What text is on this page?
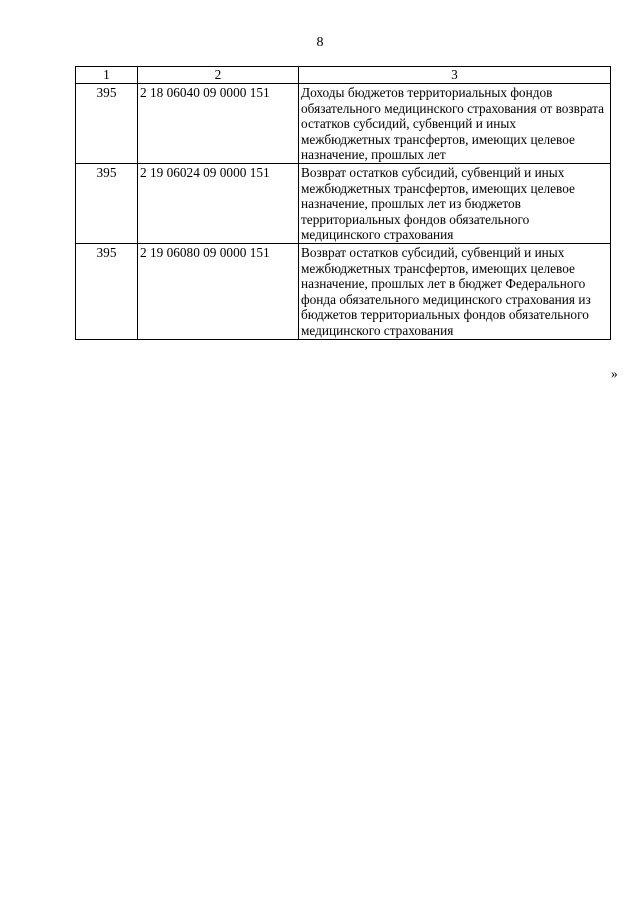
8
1	2	3
395	2 18 06040 09 0000 151	Доходы бюджетов территориальных фондов обязательного медицинского страхования от возврата остатков субсидий, субвенций и иных межбюджетных трансфертов, имеющих целевое назначение, прошлых лет
395	2 19 06024 09 0000 151	Возврат остатков субсидий, субвенций и иных межбюджетных трансфертов, имеющих целевое назначение, прошлых лет из бюджетов территориальных фондов обязательного медицинского страхования
395	2 19 06080 09 0000 151	Возврат остатков субсидий, субвенций и иных межбюджетных трансфертов, имеющих целевое назначение, прошлых лет в бюджет Федерального фонда обязательного медицинского страхования из бюджетов территориальных фондов обязательного медицинского страхования
»
